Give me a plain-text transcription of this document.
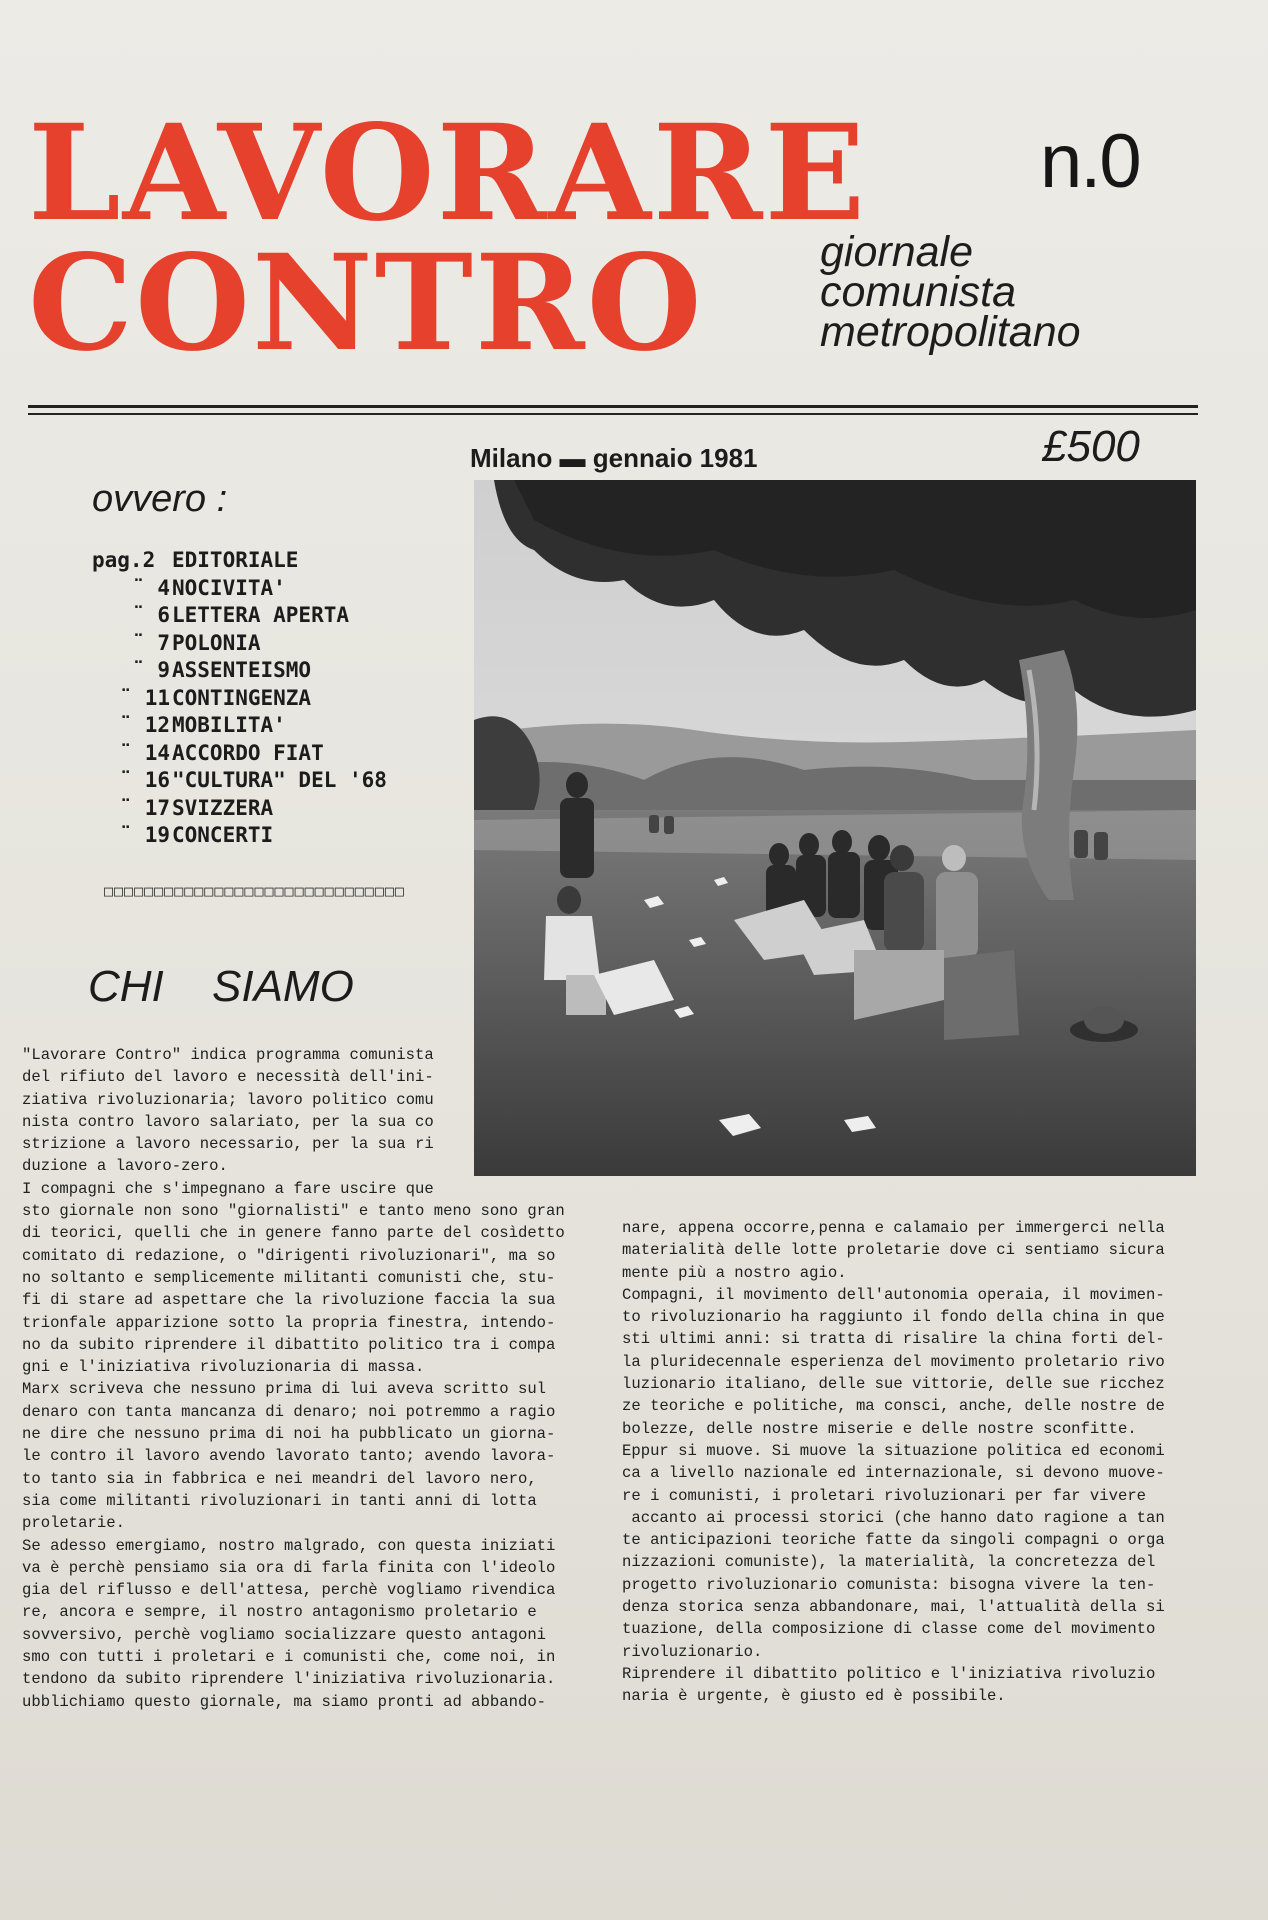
LAVORARE
CONTRO
n.0
giornale
comunista
metropolitano
Milano ▬ gennaio 1981	£500
ovvero :
pag.2 EDITORIALE
¨ 4 NOCIVITA'
¨ 6 LETTERA APERTA
¨ 7 POLONIA
¨ 9 ASSENTEISMO
¨ 11 CONTINGENZA
¨ 12 MOBILITA'
¨ 14 ACCORDO FIAT
¨ 16 "CULTURA" DEL '68
¨ 17 SVIZZERA
¨ 19 CONCERTI
□□□□□□□□□□□□□□□□□□□□□□□□□□□□□□
CHI SIAMO

"Lavorare Contro" indica programma comunista

del rifiuto del lavoro e necessità dell'ini-

ziativa rivoluzionaria; lavoro politico comu

nista contro lavoro salariato, per la sua co

strizione a lavoro necessario, per la sua ri

duzione a lavoro-zero.

I compagni che s'impegnano a fare uscire que

sto giornale non sono "giornalisti" e tanto meno sono gran

di teorici, quelli che in genere fanno parte del cosìdetto

comitato di redazione, o "dirigenti rivoluzionari", ma so

no soltanto e semplicemente militanti comunisti che, stu-

fi di stare ad aspettare che la rivoluzione faccia la sua

trionfale apparizione sotto la propria finestra, intendo-

no da subito riprendere il dibattito politico tra i compa

gni e l'iniziativa rivoluzionaria di massa.

Marx scriveva che nessuno prima di lui aveva scritto sul

denaro con tanta mancanza di denaro; noi potremmo a ragio

ne dire che nessuno prima di noi ha pubblicato un giorna-

le contro il lavoro avendo lavorato tanto; avendo lavora-

to tanto sia in fabbrica e nei meandri del lavoro nero,

sia come militanti rivoluzionari in tanti anni di lotta

proletarie.

Se adesso emergiamo, nostro malgrado, con questa iniziati

va è perchè pensiamo sia ora di farla finita con l'ideolo

gia del riflusso e dell'attesa, perchè vogliamo rivendica

re, ancora e sempre, il nostro antagonismo proletario e

sovversivo, perchè vogliamo socializzare questo antagoni

smo con tutti i proletari e i comunisti che, come noi, in

tendono da subito riprendere l'iniziativa rivoluzionaria.

ubblichiamo questo giornale, ma siamo pronti ad abbando-

nare, appena occorre,penna e calamaio per immergerci nella

materialità delle lotte proletarie dove ci sentiamo sicura

mente più a nostro agio.

Compagni, il movimento dell'autonomia operaia, il movimen-

to rivoluzionario ha raggiunto il fondo della china in que

sti ultimi anni: si tratta di risalire la china forti del-

la pluridecennale esperienza del movimento proletario rivo

luzionario italiano, delle sue vittorie, delle sue ricchez

ze teoriche e politiche, ma consci, anche, delle nostre de

bolezze, delle nostre miserie e delle nostre sconfitte.

Eppur si muove. Si muove la situazione politica ed economi

ca a livello nazionale ed internazionale, si devono muove-

re i comunisti, i proletari rivoluzionari per far vivere

accanto ai processi storici (che hanno dato ragione a tan

te anticipazioni teoriche fatte da singoli compagni o orga

nizzazioni comuniste), la materialità, la concretezza del

progetto rivoluzionario comunista: bisogna vivere la ten-

denza storica senza abbandonare, mai, l'attualità della si

tuazione, della composizione di classe come del movimento

rivoluzionario.

Riprendere il dibattito politico e l'iniziativa rivoluzio

naria è urgente, è giusto ed è possibile.
